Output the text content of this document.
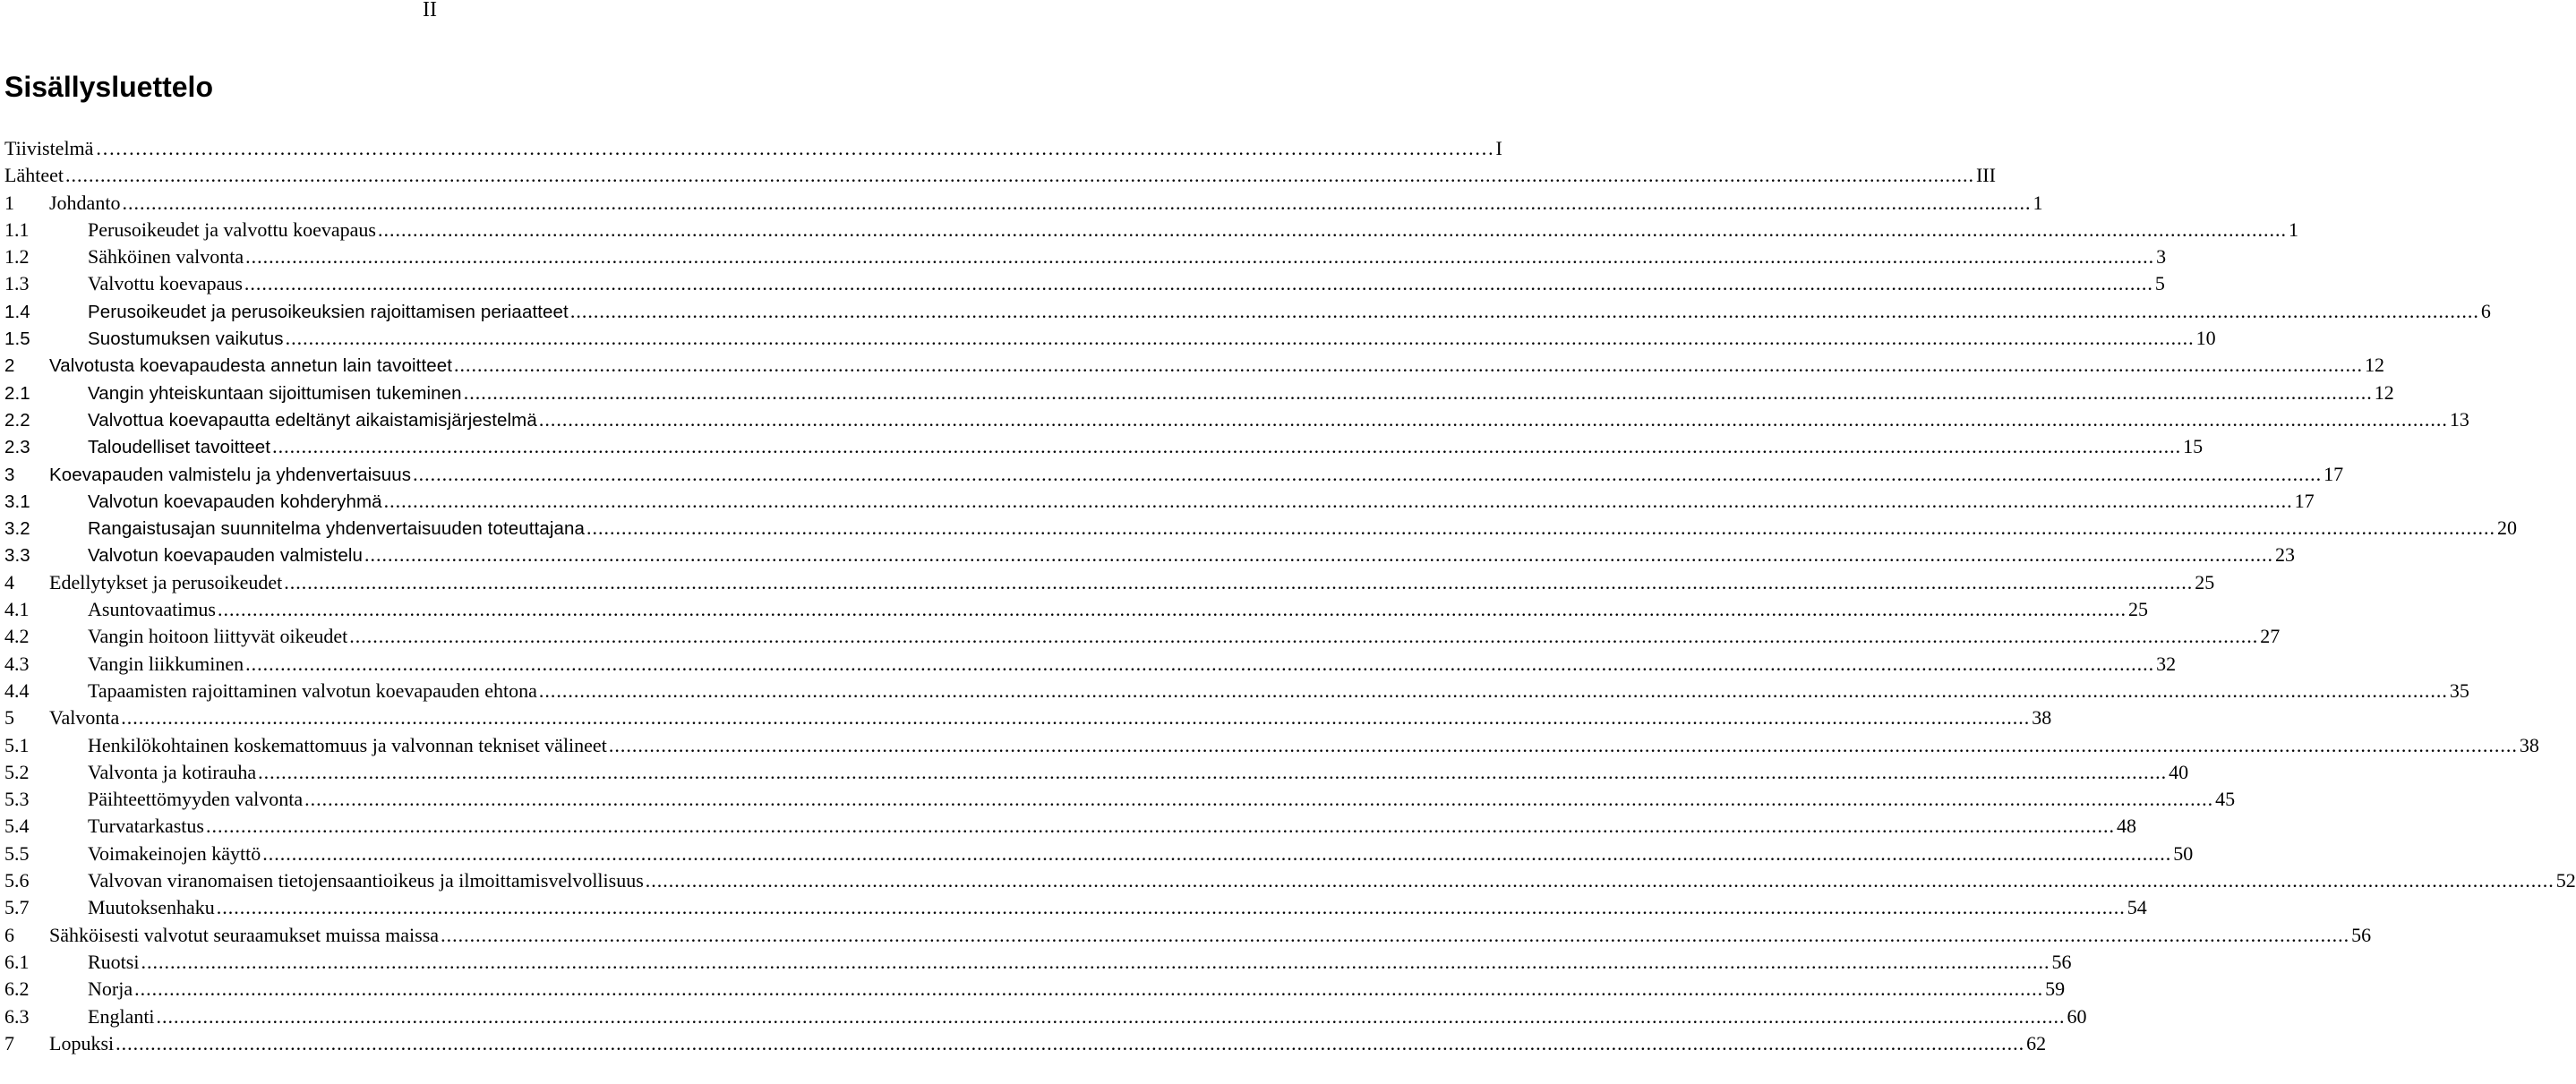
II
Sisällysluettelo
Tiivistelmä ……………………………………………………………………………………………………………………………………………………………………………………………	I
Lähteet .....	III
1	Johdanto .....	1
1.1	Perusoikeudet ja valvottu koevapaus .....	1
1.2	Sähköinen valvonta .....	3
1.3	Valvottu koevapaus .....	5
1.4	Perusoikeudet ja perusoikeuksien rajoittamisen periaatteet .....	6
1.5	Suostumuksen vaikutus .....	10
2	Valvotusta koevapaudesta annetun lain tavoitteet .....	12
2.1	Vangin yhteiskuntaan sijoittumisen tukeminen .....	12
2.2	Valvottua koevapautta edeltänyt aikaistamisjärjestelmä .....	13
2.3	Taloudelliset tavoitteet .....	15
3	Koevapauden valmistelu ja yhdenvertaisuus .....	17
3.1	Valvotun koevapauden kohderyhmä .....	17
3.2	Rangaistusajan suunnitelma yhdenvertaisuuden toteuttajana .....	20
3.3	Valvotun koevapauden valmistelu .....	23
4	Edellytykset ja perusoikeudet .....	25
4.1	Asuntovaatimus .....	25
4.2	Vangin hoitoon liittyvät oikeudet .....	27
4.3	Vangin liikkuminen .....	32
4.4	Tapaamisten rajoittaminen valvotun koevapauden ehtona .....	35
5	Valvonta .....	38
5.1	Henkilökohtainen koskemattomuus ja valvonnan tekniset välineet .....	38
5.2	Valvonta ja kotirauha .....	40
5.3	Päihteettömyyden valvonta .....	45
5.4	Turvatarkastus .....	48
5.5	Voimakeinojen käyttö .....	50
5.6	Valvovan viranomaisen tietojensaantioikeus ja ilmoittamisvelvollisuus .....	52
5.7	Muutoksenhaku .....	54
6	Sähköisesti valvotut seuraamukset muissa maissa .....	56
6.1	Ruotsi .....	56
6.2	Norja .....	59
6.3	Englanti .....	60
7	Lopuksi .....	62
